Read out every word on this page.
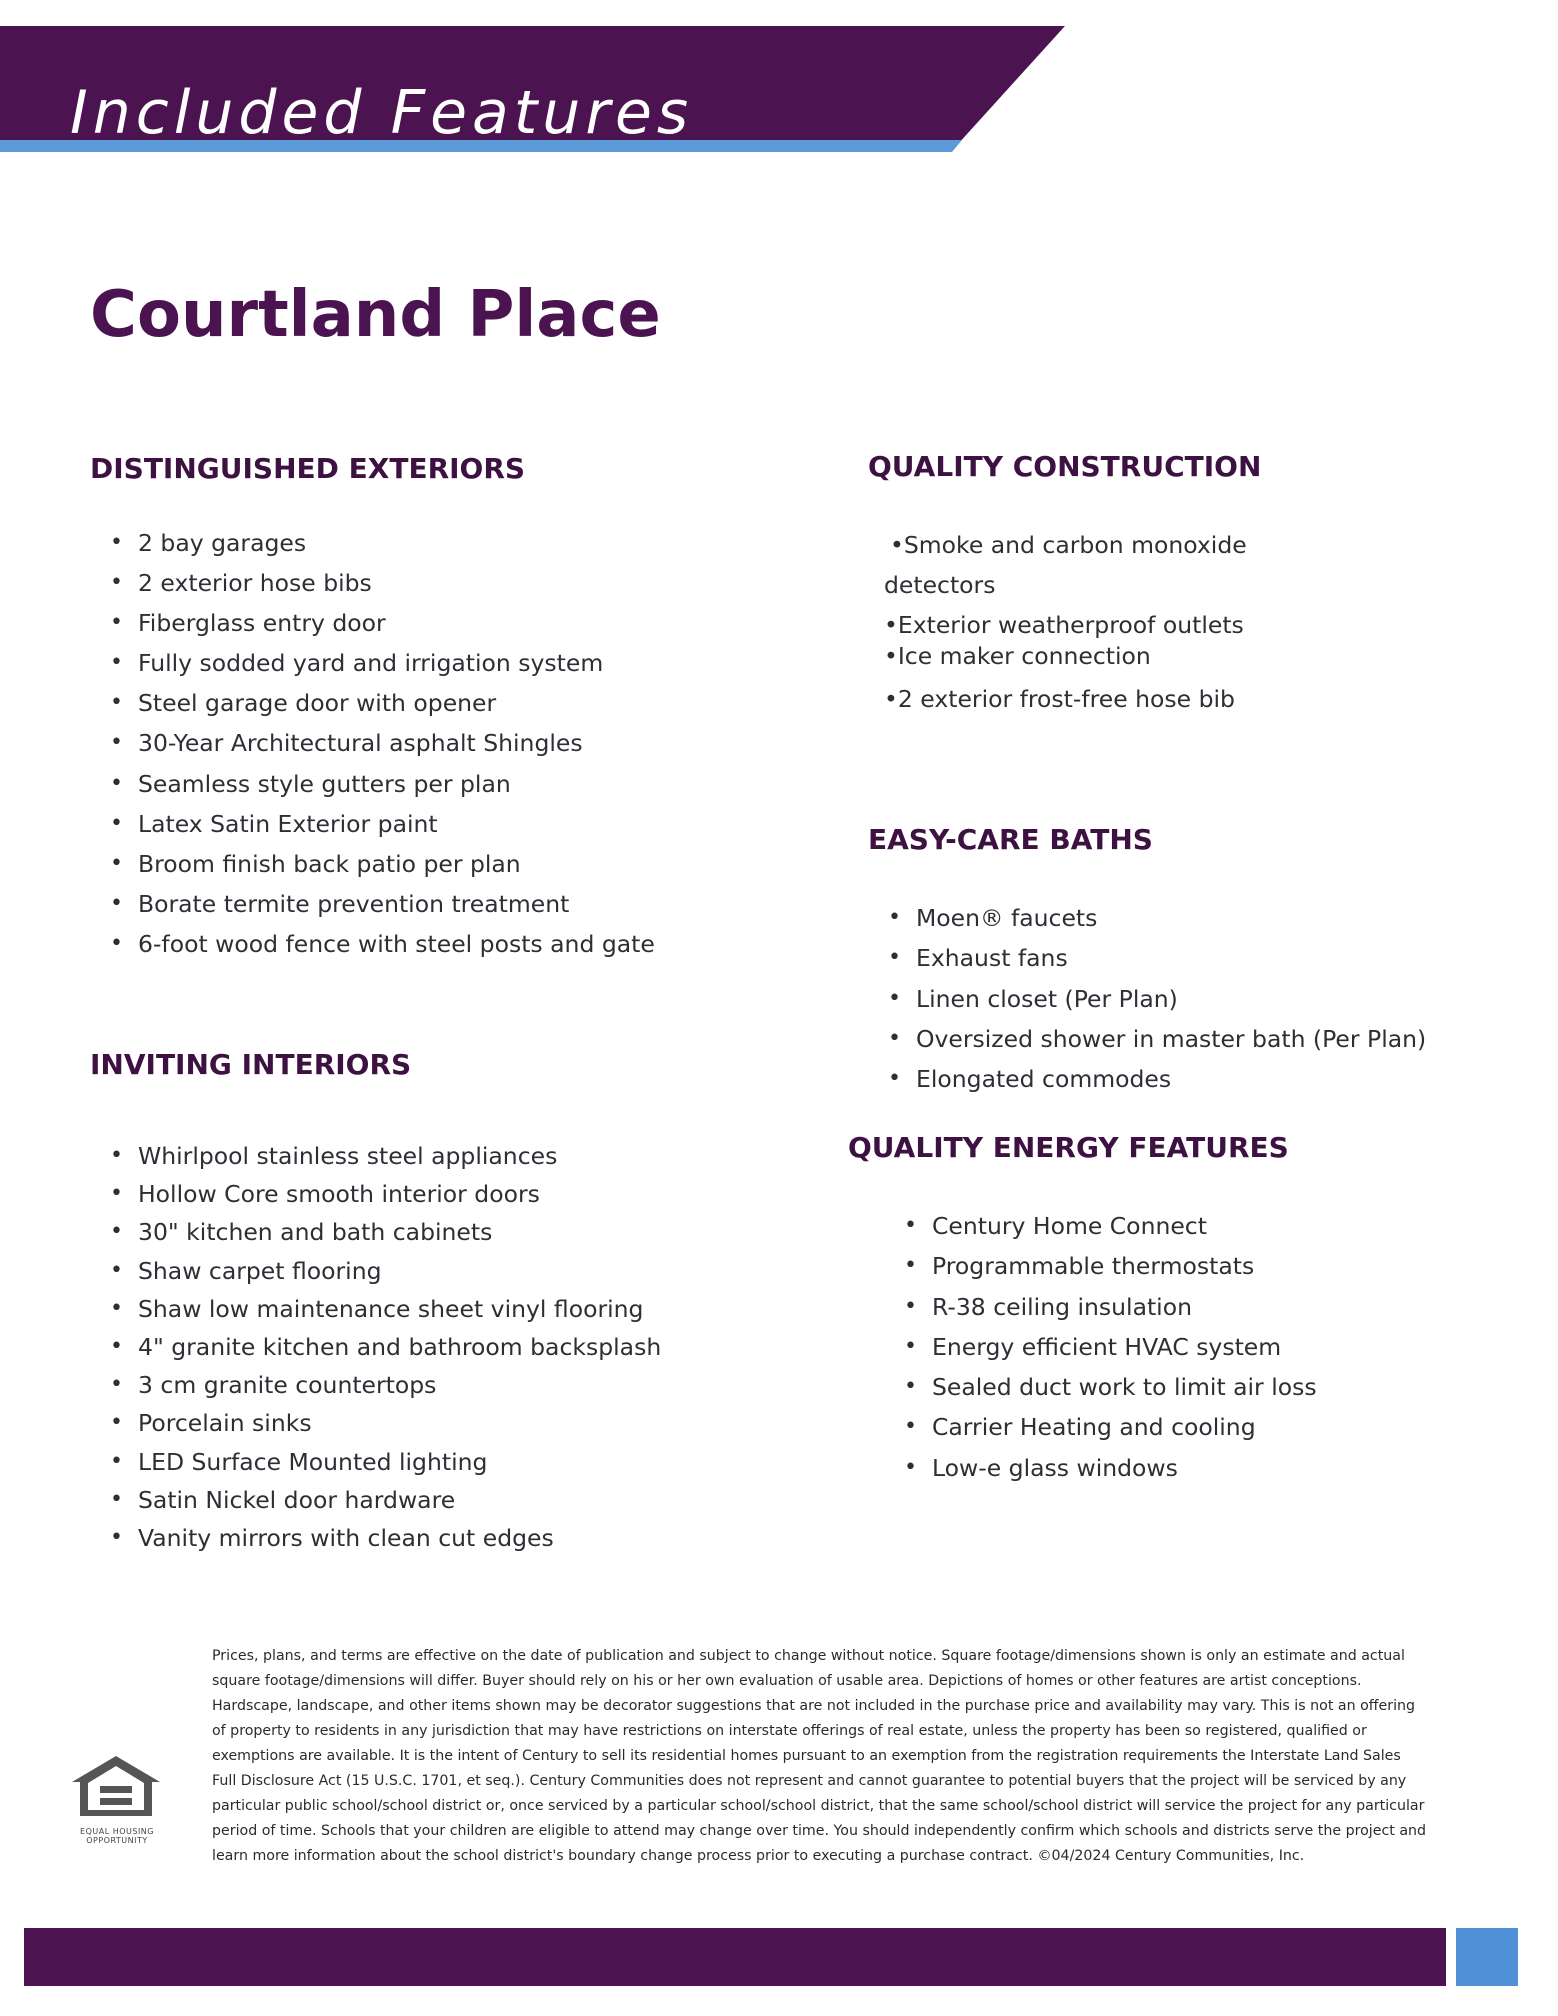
Included Features
Courtland Place
DISTINGUISHED EXTERIORS
• 2 bay garages
• 2 exterior hose bibs
• Fiberglass entry door
• Fully sodded yard and irrigation system
• Steel garage door with opener
• 30-Year Architectural asphalt Shingles
• Seamless style gutters per plan
• Latex Satin Exterior paint
• Broom finish back patio per plan
• Borate termite prevention treatment
• 6-foot wood fence with steel posts and gate
INVITING INTERIORS
• Whirlpool stainless steel appliances
• Hollow Core smooth interior doors
• 30" kitchen and bath cabinets
• Shaw carpet flooring
• Shaw low maintenance sheet vinyl flooring
• 4" granite kitchen and bathroom backsplash
• 3 cm granite countertops
• Porcelain sinks
• LED Surface Mounted lighting
• Satin Nickel door hardware
• Vanity mirrors with clean cut edges
QUALITY CONSTRUCTION
•Smoke and carbon monoxide
detectors
•Exterior weatherproof outlets
•Ice maker connection
•2 exterior frost-free hose bib
EASY-CARE BATHS
• Moen® faucets
• Exhaust fans
• Linen closet (Per Plan)
• Oversized shower in master bath (Per Plan)
• Elongated commodes
QUALITY ENERGY FEATURES
• Century Home Connect
• Programmable thermostats
• R-38 ceiling insulation
• Energy efficient HVAC system
• Sealed duct work to limit air loss
• Carrier Heating and cooling
• Low-e glass windows
EQUAL HOUSING OPPORTUNITY

Prices, plans, and terms are effective on the date of publication and subject to change without notice. Square footage/dimensions shown is only an estimate and actual square footage/dimensions will differ. Buyer should rely on his or her own evaluation of usable area. Depictions of homes or other features are artist conceptions. Hardscape, landscape, and other items shown may be decorator suggestions that are not included in the purchase price and availability may vary. This is not an offering of property to residents in any jurisdiction that may have restrictions on interstate offerings of real estate, unless the property has been so registered, qualified or exemptions are available. It is the intent of Century to sell its residential homes pursuant to an exemption from the registration requirements the Interstate Land Sales Full Disclosure Act (15 U.S.C. 1701, et seq.). Century Communities does not represent and cannot guarantee to potential buyers that the project will be serviced by any particular public school/school district or, once serviced by a particular school/school district, that the same school/school district will service the project for any particular period of time. Schools that your children are eligible to attend may change over time. You should independently confirm which schools and districts serve the project and learn more information about the school district's boundary change process prior to executing a purchase contract. ©04/2024 Century Communities, Inc.
